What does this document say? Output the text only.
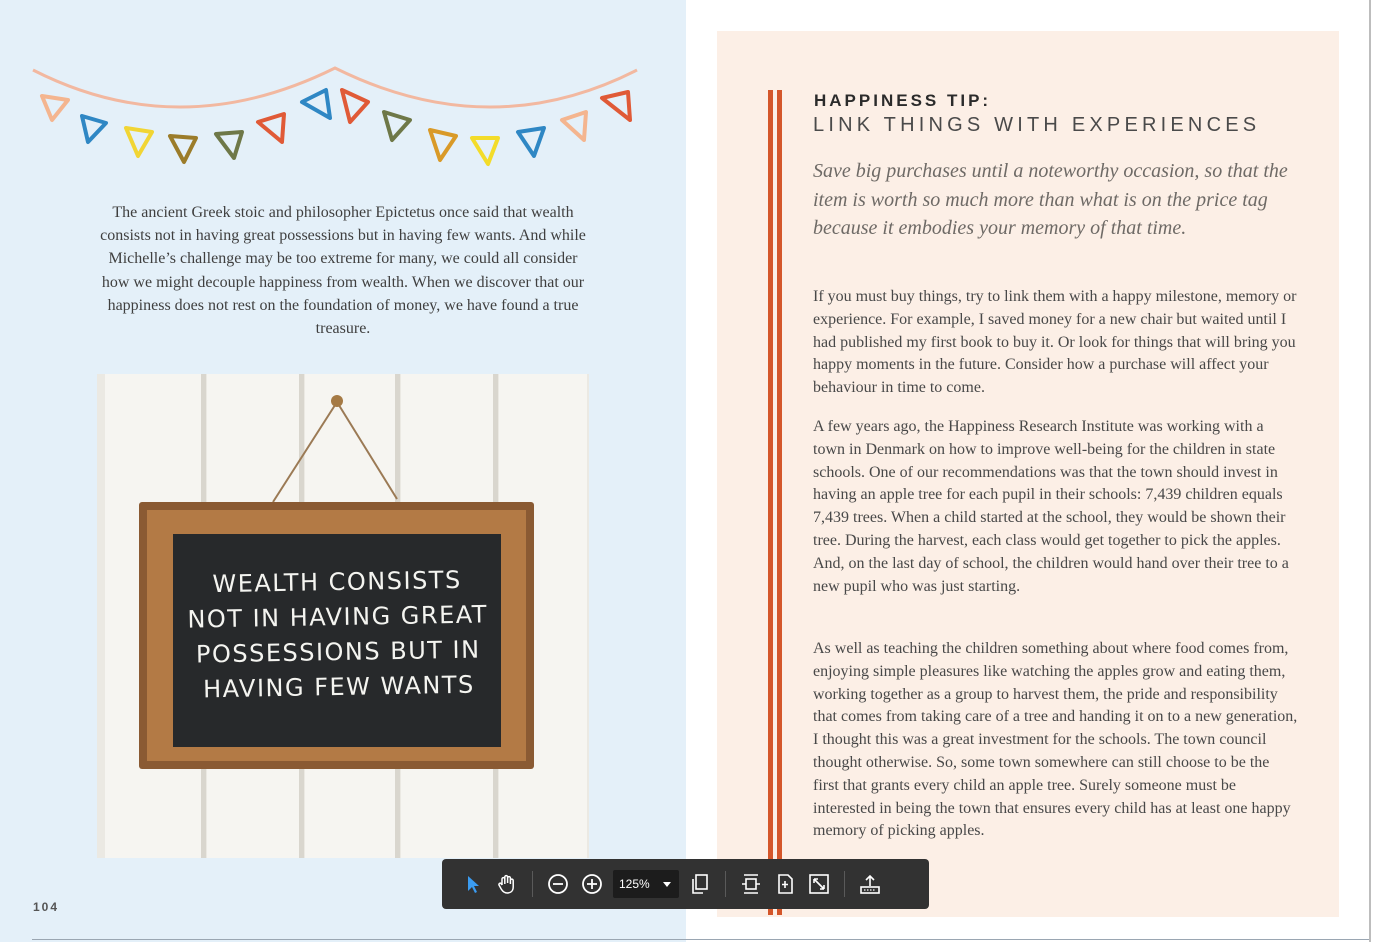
The ancient Greek stoic and philosopher Epictetus once said that wealth consists not in having great possessions but in having few wants. And while Michelle’s challenge may be too extreme for many, we could all consider how we might decouple happiness from wealth. When we discover that our happiness does not rest on the foundation of money, we have found a true treasure.

WEALTH CONSISTS
NOT IN HAVING GREAT
POSSESSIONS BUT IN
HAVING FEW WANTS
104
HAPPINESS TIP:
LINK THINGS WITH EXPERIENCES

Save big purchases until a noteworthy occasion, so that the item is worth so much more than what is on the price tag because it embodies your memory of that time.

If you must buy things, try to link them with a happy milestone, memory or experience. For example, I saved money for a new chair but waited until I had published my first book to buy it. Or look for things that will bring you happy moments in the future. Consider how a purchase will affect your behaviour in time to come.

A few years ago, the Happiness Research Institute was working with a town in Denmark on how to improve well-being for the children in state schools. One of our recommendations was that the town should invest in having an apple tree for each pupil in their schools: 7,439 children equals 7,439 trees. When a child started at the school, they would be shown their tree. During the harvest, each class would get together to pick the apples. And, on the last day of school, the children would hand over their tree to a new pupil who was just starting.

As well as teaching the children something about where food comes from, enjoying simple pleasures like watching the apples grow and eating them, working together as a group to harvest them, the pride and responsibility that comes from taking care of a tree and handing it on to a new generation, I thought this was a great investment for the schools. The town council thought otherwise. So, some town somewhere can still choose to be the first that grants every child an apple tree. Surely someone must be interested in being the town that ensures every child has at least one happy memory of picking apples.

125%
